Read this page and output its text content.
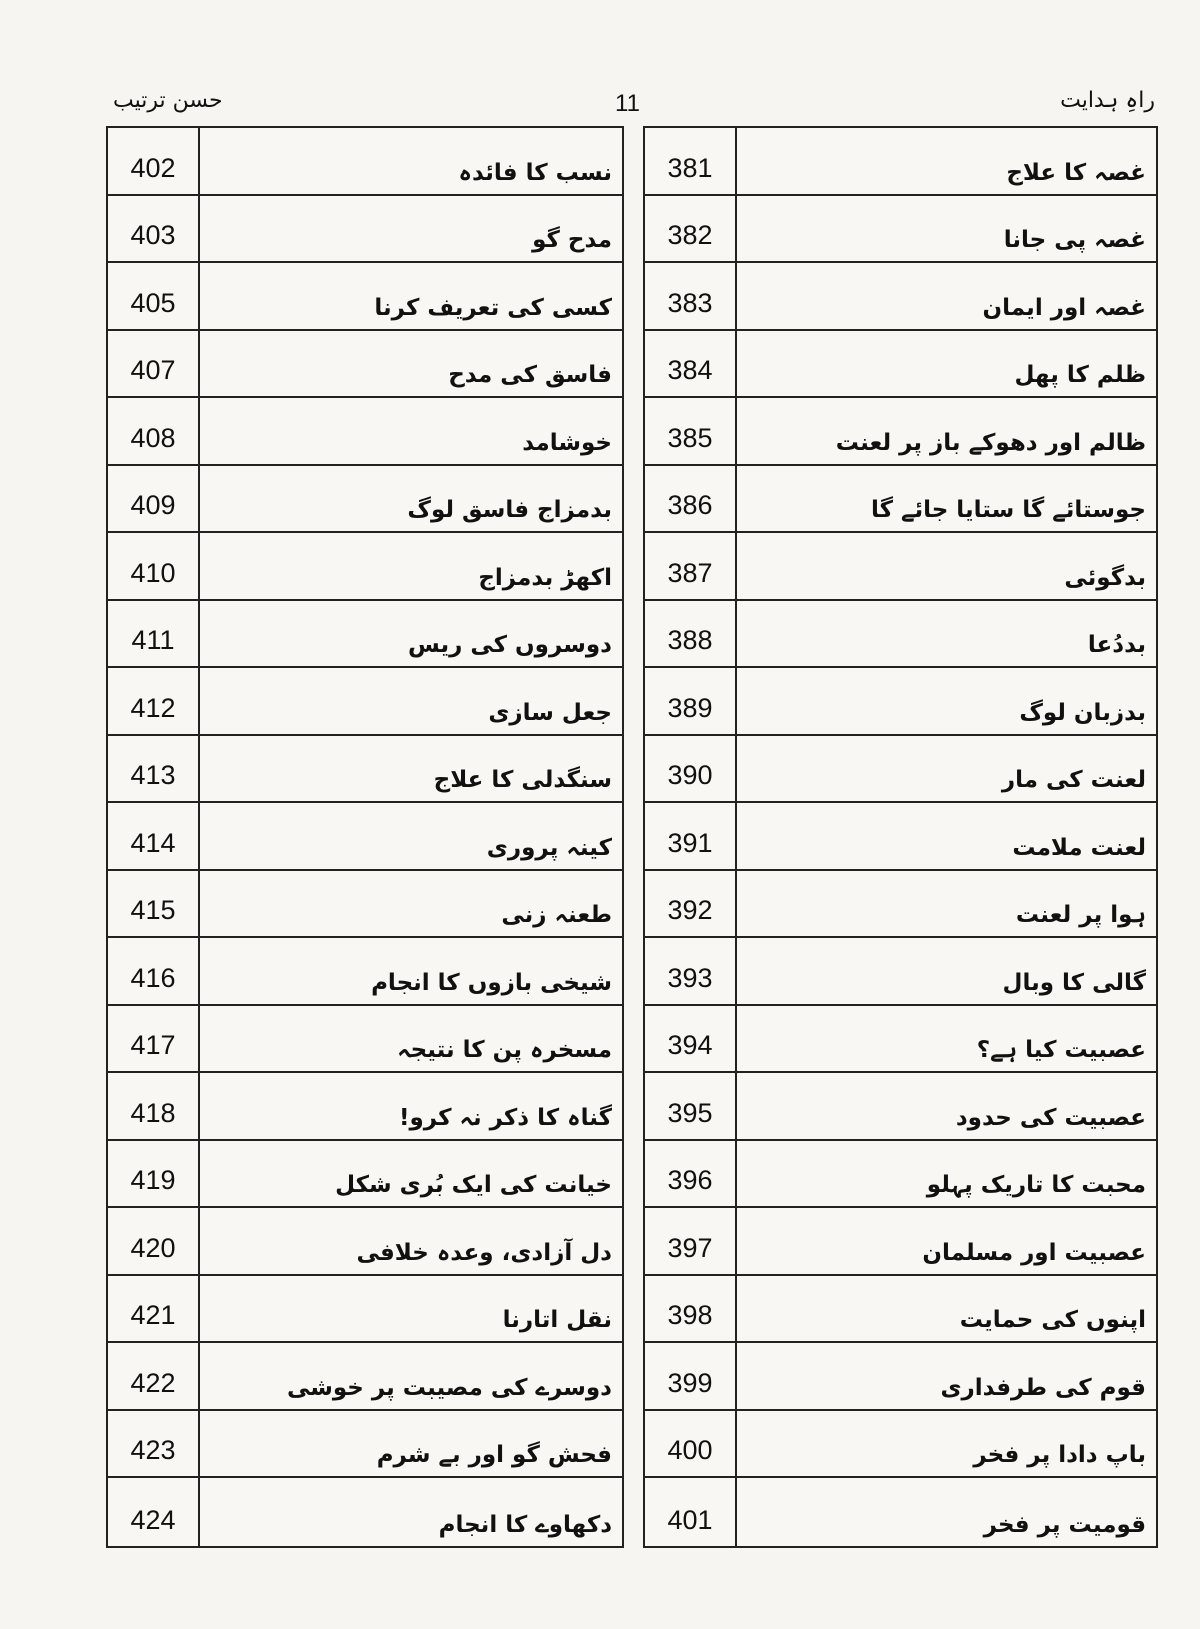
راہِ ہدایت
11
حسن ترتیب
402	نسب کا فائدہ
403	مدح گو
405	کسی کی تعریف کرنا
407	فاسق کی مدح
408	خوشامد
409	بدمزاج فاسق لوگ
410	اکھڑ بدمزاج
411	دوسروں کی ریس
412	جعل سازی
413	سنگدلی کا علاج
414	کینہ پروری
415	طعنہ زنی
416	شیخی بازوں کا انجام
417	مسخرہ پن کا نتیجہ
418	گناہ کا ذکر نہ کرو!
419	خیانت کی ایک بُری شکل
420	دل آزادی، وعدہ خلافی
421	نقل اتارنا
422	دوسرے کی مصیبت پر خوشی
423	فحش گو اور بے شرم
424	دکھاوے کا انجام
381	غصہ کا علاج
382	غصہ پی جانا
383	غصہ اور ایمان
384	ظلم کا پھل
385	ظالم اور دھوکے باز پر لعنت
386	جوستائے گا ستایا جائے گا
387	بدگوئی
388	بددُعا
389	بدزبان لوگ
390	لعنت کی مار
391	لعنت ملامت
392	ہوا پر لعنت
393	گالی کا وبال
394	عصبیت کیا ہے؟
395	عصبیت کی حدود
396	محبت کا تاریک پہلو
397	عصبیت اور مسلمان
398	اپنوں کی حمایت
399	قوم کی طرفداری
400	باپ دادا پر فخر
401	قومیت پر فخر
